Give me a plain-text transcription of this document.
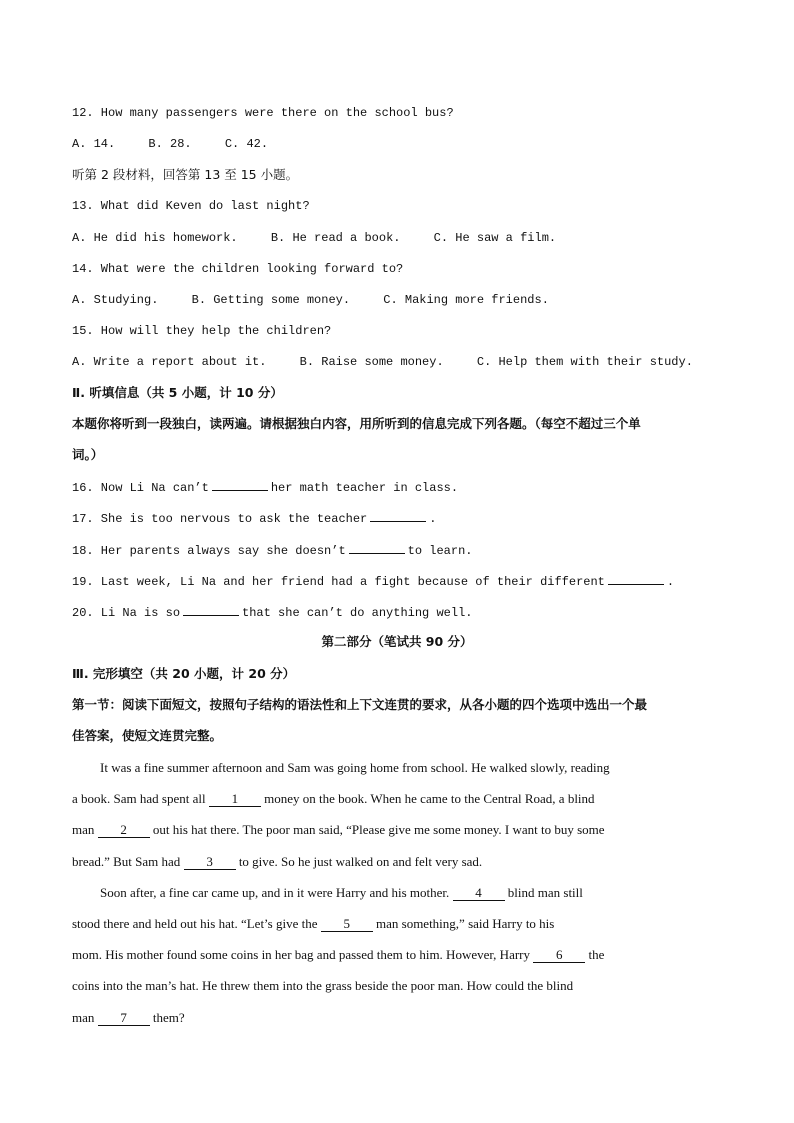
12. How many passengers were there on the school bus?
A. 14.	B. 28.	C. 42.
听第 2 段材料，回答第 13 至 15 小题。
13. What did Keven do last night?
A. He did his homework.	B. He read a book.	C. He saw a film.
14. What were the children looking forward to?
A. Studying.	B. Getting some money.	C. Making more friends.
15. How will they help the children?
A. Write a report about it.	B. Raise some money.	C. Help them with their study.
Ⅱ. 听填信息（共 5 小题，计 10 分）
本题你将听到一段独白，读两遍。请根据独白内容，用所听到的信息完成下列各题。（每空不超过三个单
词。）
16. Now Li Na can’t	her math teacher in class.
17. She is too nervous to ask the teacher	.
18. Her parents always say she doesn’t	to learn.
19. Last week, Li Na and her friend had a fight because of their different	.
20. Li Na is so	that she can’t do anything well.
第二部分（笔试共 90 分）
Ⅲ. 完形填空（共 20 小题，计 20 分）
第一节：阅读下面短文，按照句子结构的语法性和上下文连贯的要求，从各小题的四个选项中选出一个最
佳答案，使短文连贯完整。
It was a fine summer afternoon and Sam was going home from school. He walked slowly, reading
a book. Sam had spent all 1 money on the book. When he came to the Central Road, a blind
man 2 out his hat there. The poor man said, “Please give me some money. I want to buy some
bread.” But Sam had 3 to give. So he just walked on and felt very sad.
Soon after, a fine car came up, and in it were Harry and his mother. 4 blind man still
stood there and held out his hat. “Let’s give the 5 man something,” said Harry to his
mom. His mother found some coins in her bag and passed them to him. However, Harry 6 the
coins into the man’s hat. He threw them into the grass beside the poor man. How could the blind
man 7 them?
